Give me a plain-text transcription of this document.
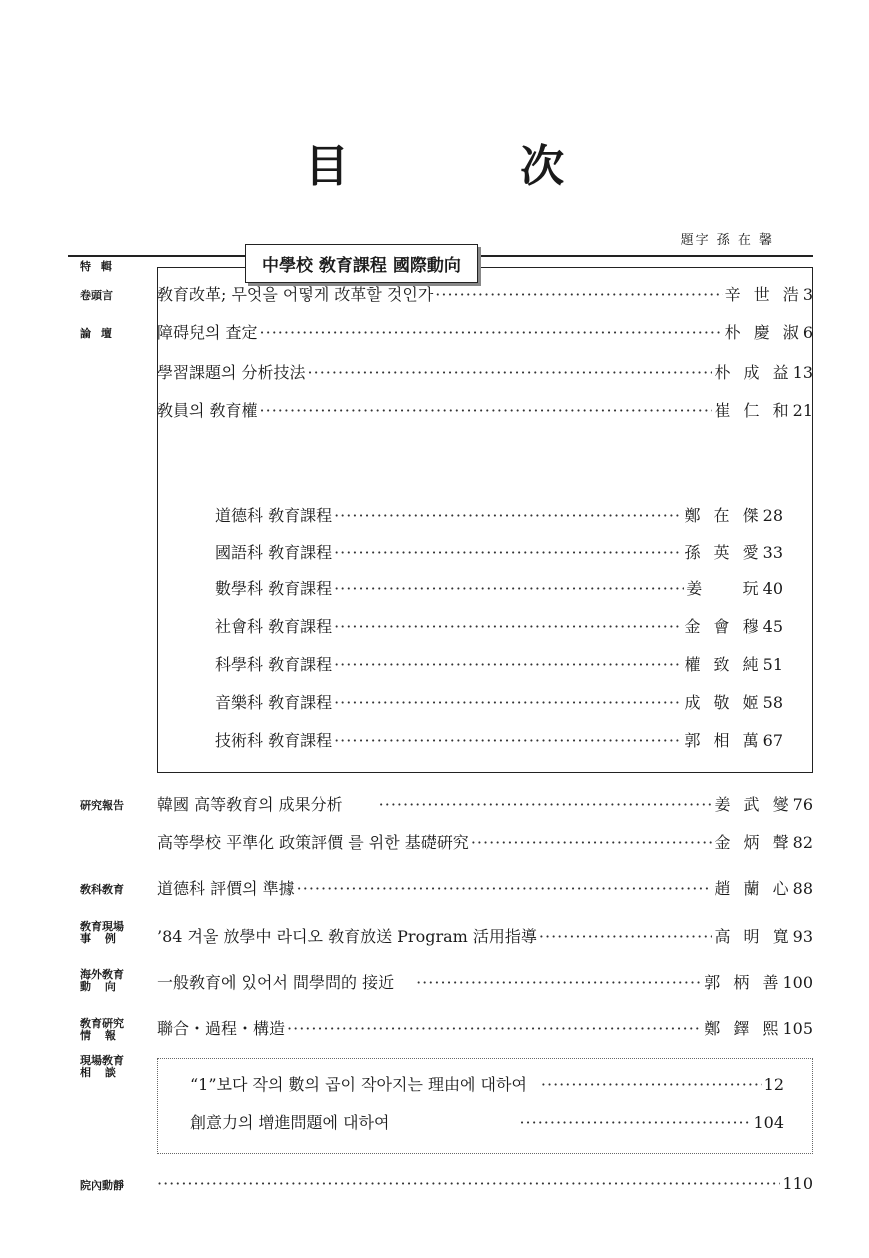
目 次
題字 孫 在 馨
卷頭言	敎育改革; 무엇을 어떻게 改革할 것인가 ·····	辛 世 浩 3
論 壇	障碍兒의 査定 ·····	朴 慶 淑 6
學習課題의 分析技法 ·····	朴 成 益 13
敎員의 敎育權 ·····	崔 仁 和 21
特 輯	中學校 敎育課程 國際動向
道德科 敎育課程 ·····	鄭 在 傑 28
國語科 敎育課程 ·····	孫 英 愛 33
數學科 敎育課程 ·····	姜    玩 40
社會科 敎育課程 ·····	金 會 穆 45
科學科 敎育課程 ·····	權 致 純 51
音樂科 敎育課程 ·····	成 敬 姬 58
技術科 敎育課程 ·····	郭 相 萬 67
硏究報告 韓國 高等敎育의 成果分析 ·····	姜 武 燮 76
高等學校 平準化 政策評價 를 위한 基礎硏究 ·····	金 炳 聲 82
敎科敎育 道德科 評價의 準據 ·····	趙 蘭 心 88
敎育現場
事 例 ’84 겨울 放學中 라디오 敎育放送 Program 活用指導 ·····	高 明 寬 93
海外敎育
動 向 一般敎育에 있어서 間學問的 接近 ·····	郭 柄 善 100
敎育硏究
情 報 聯合・過程・構造 ·····	鄭 鐸 熙 105
現場敎育
相 談
“1”보다 작의 數의 곱이 작아지는 理由에 대하여 ·····	12
創意力의 增進問題에 대하여 ·····	104
院內動靜 ·····	110
